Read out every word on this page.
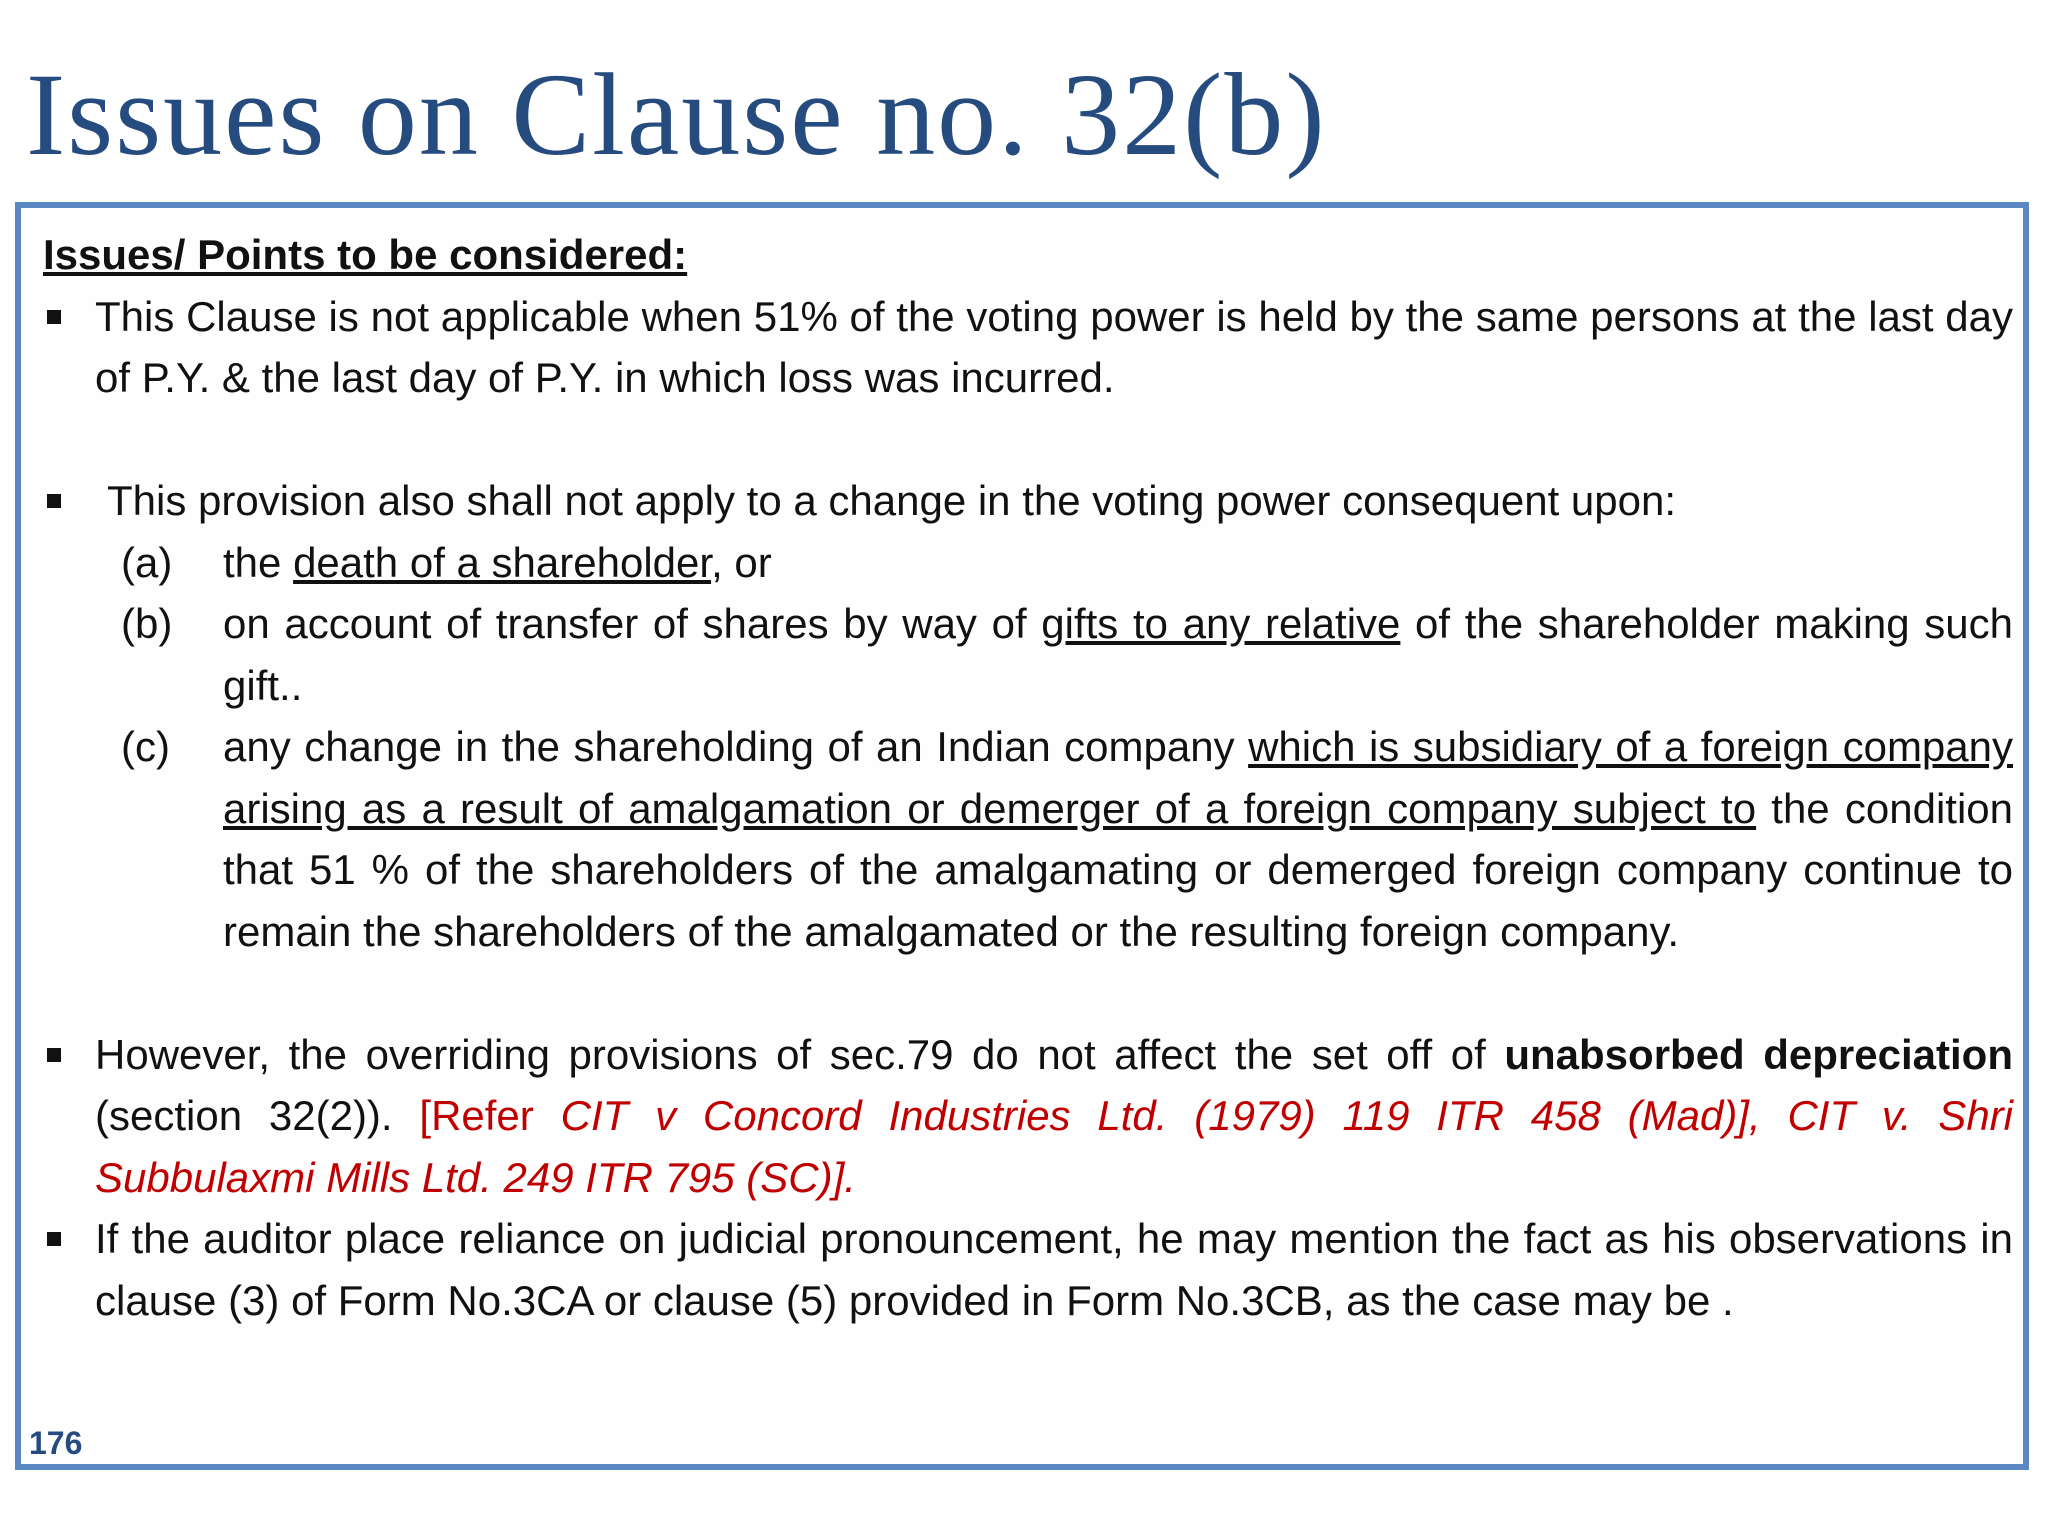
Issues on Clause no. 32(b)

Issues/ Points to be considered:

This Clause is not applicable when 51% of the voting power is held by the same persons at the last day of P.Y. & the last day of P.Y. in which loss was incurred.
This provision also shall not apply to a change in the voting power consequent upon:
(a) the death of a shareholder, or
(b) on account of transfer of shares by way of gifts to any relative of the shareholder making such gift..
(c) any change in the shareholding of an Indian company which is subsidiary of a foreign company arising as a result of amalgamation or demerger of a foreign company subject to the condition that 51 % of the shareholders of the amalgamating or demerged foreign company continue to remain the shareholders of the amalgamated or the resulting foreign company.
However, the overriding provisions of sec.79 do not affect the set off of unabsorbed depreciation (section 32(2)). [Refer CIT v Concord Industries Ltd. (1979) 119 ITR 458 (Mad)], CIT v. Shri Subbulaxmi Mills Ltd. 249 ITR 795 (SC)].
If the auditor place reliance on judicial pronouncement, he may mention the fact as his observations in clause (3) of Form No.3CA or clause (5) provided in Form No.3CB, as the case may be .
176
